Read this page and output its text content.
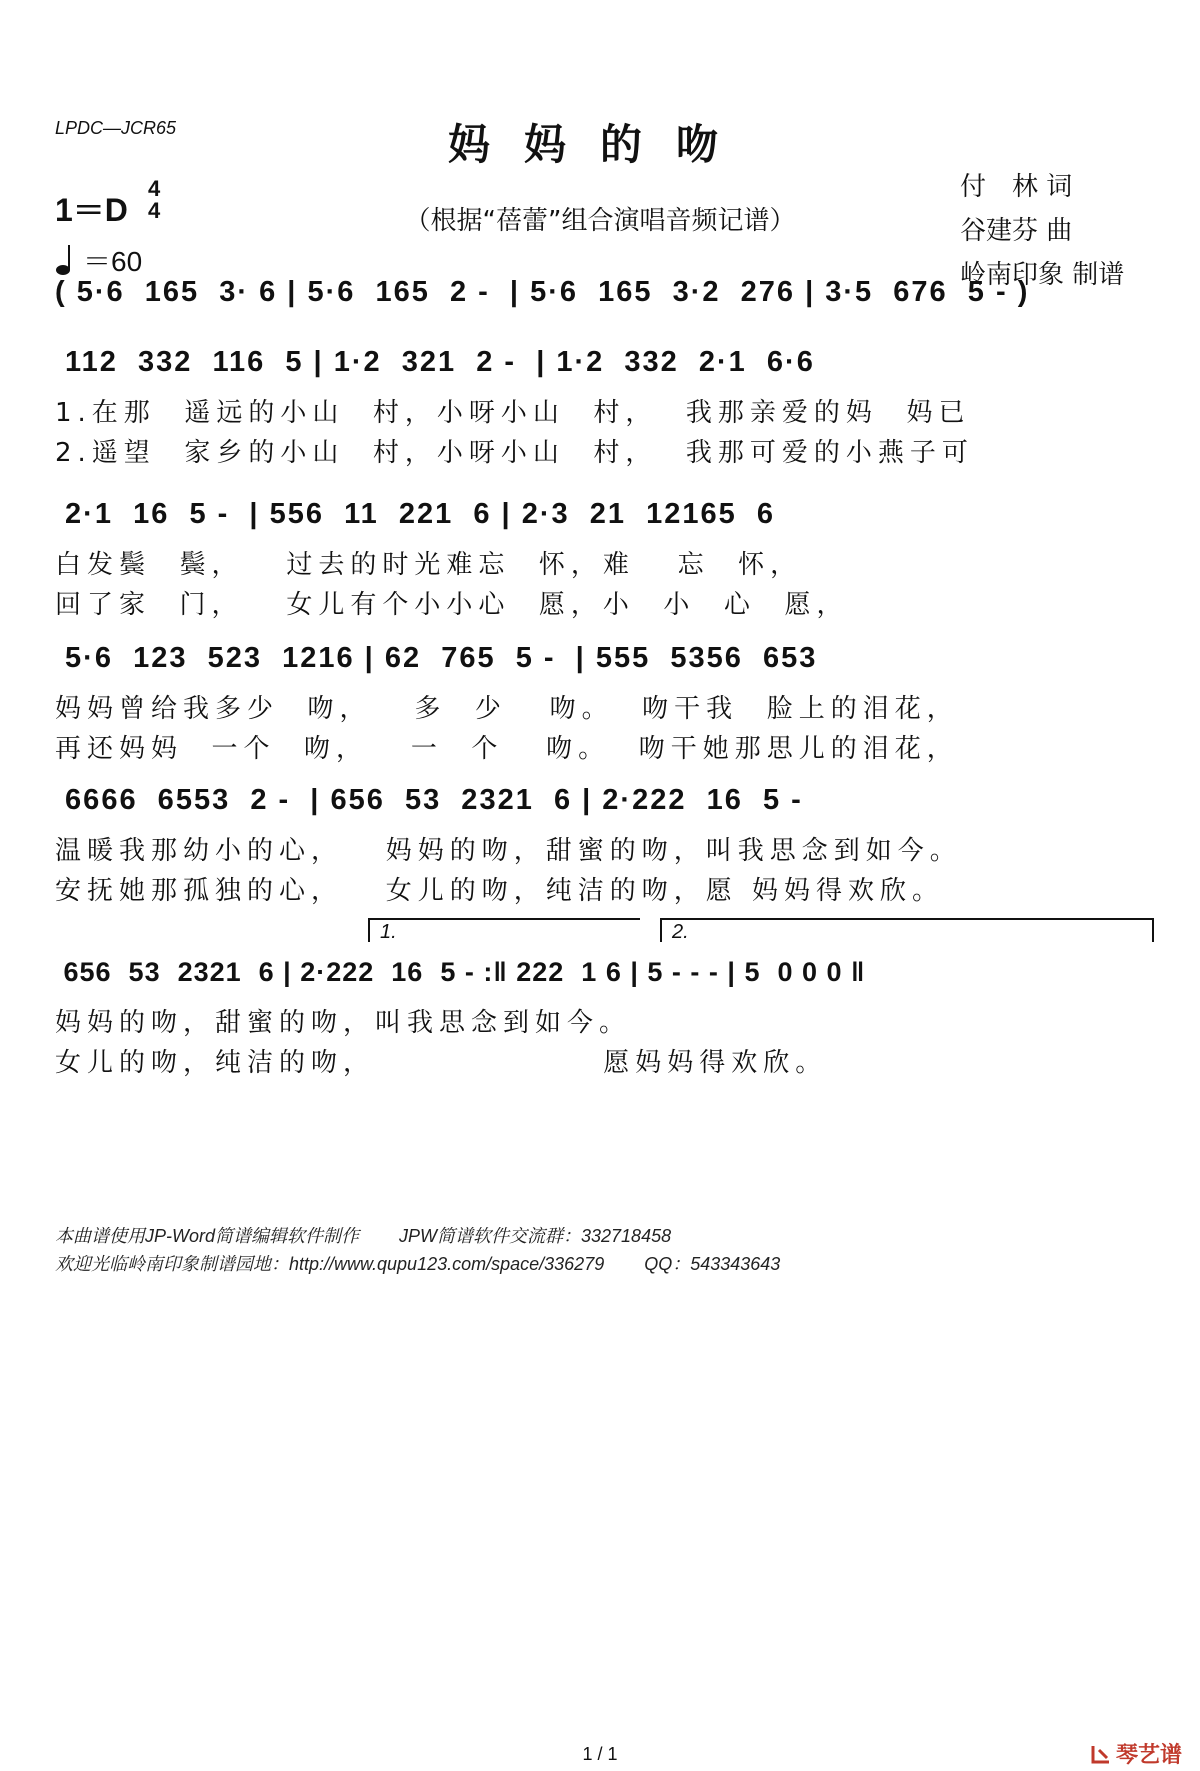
LPDC—JCR65	妈妈的吻
（根据“蓓蕾”组合演唱音频记谱）
付　林 词
谷建芬 曲
岭南印象 制谱
1＝D
4
4
＝60
( 5·6  165  3· 6 | 5·6  165  2 -  | 5·6  165  3·2  276 | 3·5  676  5 - )
112  332  116  5 | 1·2  321  2 -  | 1·2  332  2·1  6·6
1.在那  遥远的小山  村，小呀小山  村，  我那亲爱的妈  妈已
2.遥望  家乡的小山  村，小呀小山  村，  我那可爱的小燕子可
2·1  16  5 -  | 556  11  221  6 | 2·3  21  12165  6
白发鬓  鬓，   过去的时光难忘  怀，难   忘  怀，
回了家  门，   女儿有个小小心  愿，小  小  心  愿，
5·6  123  523  1216 | 62  765  5 -  | 555  5356  653
妈妈曾给我多少  吻，   多  少   吻。  吻干我  脸上的泪花，
再还妈妈  一个  吻，   一  个   吻。  吻干她那思儿的泪花，
6666  6553  2 -  | 656  53  2321  6 | 2·222  16  5 -
温暖我那幼小的心，   妈妈的吻，甜蜜的吻，叫我思念到如今。
安抚她那孤独的心，   女儿的吻，纯洁的吻，愿 妈妈得欢欣。
1.	2.
656  53  2321  6 | 2·222  16  5 - :‖ 222  1 6 | 5 - - - | 5  0 0 0 ‖
妈妈的吻，甜蜜的吻，叫我思念到如今。
女儿的吻，纯洁的吻，                愿妈妈得欢欣。
本曲谱使用JP-Word简谱编辑软件制作        JPW简谱软件交流群：332718458
欢迎光临岭南印象制谱园地：http://www.qupu123.com/space/336279        QQ：543343643
1 / 1	琴艺谱
